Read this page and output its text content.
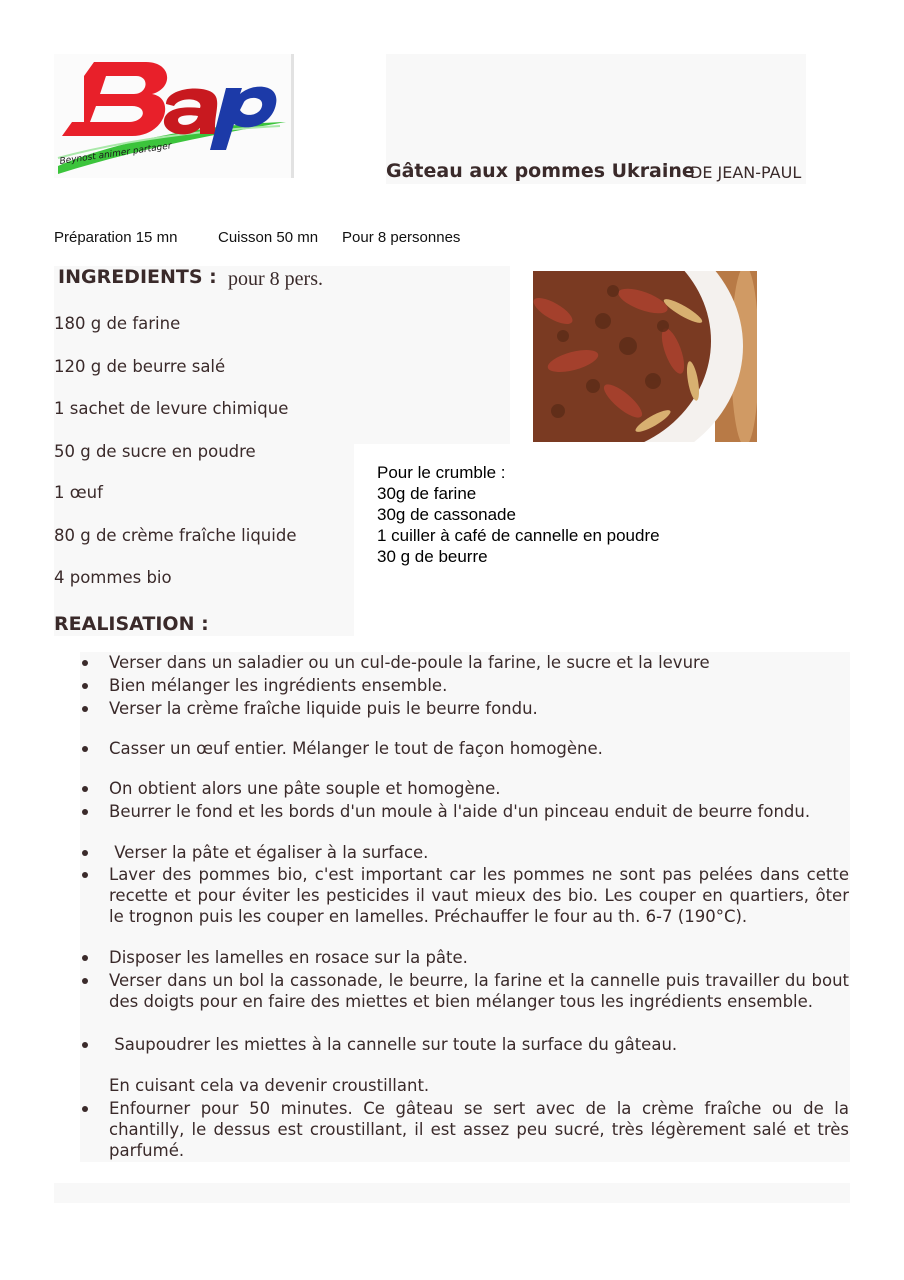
Beynost animer partager
Gâteau aux pommes Ukraine
DE JEAN-PAUL
Préparation 15 mn	Cuisson 50 mn Pour 8 personnes
INGREDIENTS : pour 8 pers.
180 g de farine
120 g de beurre salé
1 sachet de levure chimique
50 g de sucre en poudre
1 œuf
80 g de crème fraîche liquide
4 pommes bio
Pour le crumble :
30g de farine
30g de cassonade
1 cuiller à café de cannelle en poudre
30 g de beurre
REALISATION :
Verser dans un saladier ou un cul-de-poule la farine, le sucre et la levure
Bien mélanger les ingrédients ensemble.
Verser la crème fraîche liquide puis le beurre fondu.
Casser un œuf entier. Mélanger le tout de façon homogène.
On obtient alors une pâte souple et homogène.
Beurrer le fond et les bords d'un moule à l'aide d'un pinceau enduit de beurre fondu.
Verser la pâte et égaliser à la surface.
Laver des pommes bio, c'est important car les pommes ne sont pas pelées dans cette recette et pour éviter les pesticides il vaut mieux des bio. Les couper en quartiers, ôter le trognon puis les couper en lamelles. Préchauffer le four au th. 6-7 (190°C).
Disposer les lamelles en rosace sur la pâte.
Verser dans un bol la cassonade, le beurre, la farine et la cannelle puis travailler du bout des doigts pour en faire des miettes et bien mélanger tous les ingrédients ensemble.
Saupoudrer les miettes à la cannelle sur toute la surface du gâteau.
En cuisant cela va devenir croustillant.
Enfourner pour 50 minutes. Ce gâteau se sert avec de la crème fraîche ou de la chantilly, le dessus est croustillant, il est assez peu sucré, très légèrement salé et très parfumé.
